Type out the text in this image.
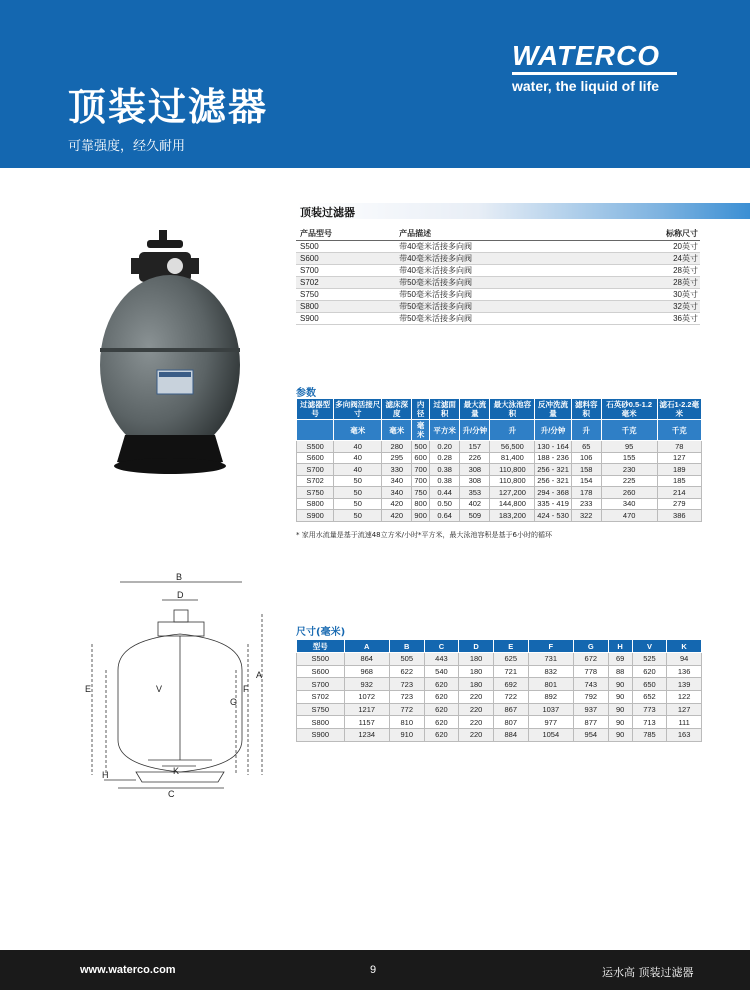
顶装过滤器
可靠强度，经久耐用
WATERCO
water, the liquid of life
顶装过滤器
产品型号	产品描述	标称尺寸
S500	带40毫米活接多向阀	20英寸
S600	带40毫米活接多向阀	24英寸
S700	带40毫米活接多向阀	28英寸
S702	带50毫米活接多向阀	28英寸
S750	带50毫米活接多向阀	30英寸
S800	带50毫米活接多向阀	32英寸
S900	带50毫米活接多向阀	36英寸
参数
过滤器型号	多向阀活接尺寸	滤床深度	内径	过滤面积	最大流量	最大泳池容积	反冲洗流量	滤料容积	石英砂0.5-1.2毫米	滤石1-2.2毫米
	毫米	毫米	毫米	平方米	升/分钟	升	升/分钟	升	千克	千克
S500	40	280	500	0.20	157	56,500	130 - 164	65	95	78
S600	40	295	600	0.28	226	81,400	188 - 236	106	155	127
S700	40	330	700	0.38	308	110,800	256 - 321	158	230	189
S702	50	340	700	0.38	308	110,800	256 - 321	154	225	185
S750	50	340	750	0.44	353	127,200	294 - 368	178	260	214
S800	50	420	800	0.50	402	144,800	335 - 419	233	340	279
S900	50	420	900	0.64	509	183,200	424 - 530	322	470	386
* 家用水流量是基于流速48立方米/小时*平方米，最大泳池容积是基于6小时的循环
A
B
C
D
E	F
G
H	K
V
尺寸(毫米)
型号	A	B	C	D	E	F	G	H	V	K
S500	864	505	443	180	625	731	672	69	525	94
S600	968	622	540	180	721	832	778	88	620	136
S700	932	723	620	180	692	801	743	90	650	139
S702	1072	723	620	220	722	892	792	90	652	122
S750	1217	772	620	220	867	1037	937	90	773	127
S800	1157	810	620	220	807	977	877	90	713	111
S900	1234	910	620	220	884	1054	954	90	785	163
www.waterco.com	9	运水高 顶装过滤器
